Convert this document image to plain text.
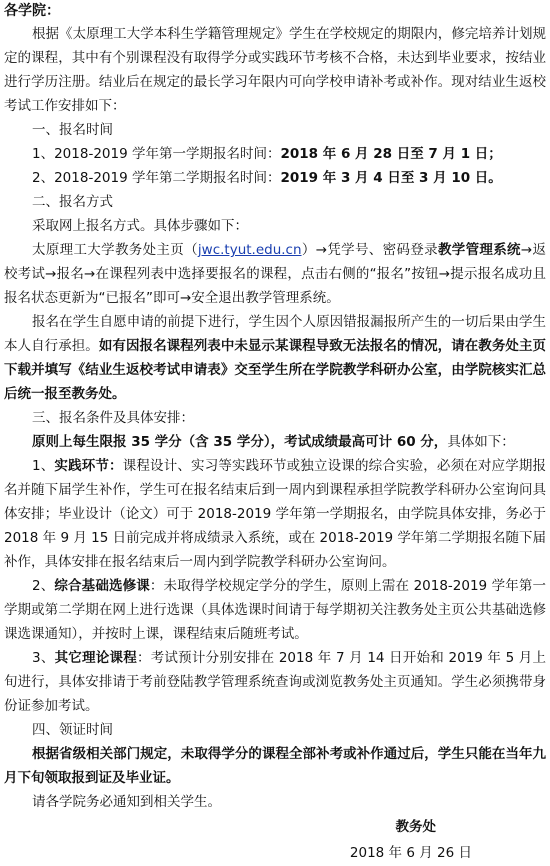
各学院：

根据《太原理工大学本科生学籍管理规定》学生在学校规定的期限内，修完培养计划规定的课程，其中有个别课程没有取得学分或实践环节考核不合格，未达到毕业要求，按结业进行学历注册。结业后在规定的最长学习年限内可向学校申请补考或补作。现对结业生返校考试工作安排如下：

一、报名时间

1、2018-2019 学年第一学期报名时间：2018 年 6 月 28 日至 7 月 1 日；

2、2018-2019 学年第二学期报名时间：2019 年 3 月 4 日至 3 月 10 日。

二、报名方式

采取网上报名方式。具体步骤如下：

太原理工大学教务处主页（jwc.tyut.edu.cn）→凭学号、密码登录教学管理系统→返校考试→报名→在课程列表中选择要报名的课程，点击右侧的“报名”按钮→提示报名成功且报名状态更新为“已报名”即可→安全退出教学管理系统。

报名在学生自愿申请的前提下进行，学生因个人原因错报漏报所产生的一切后果由学生本人自行承担。如有因报名课程列表中未显示某课程导致无法报名的情况，请在教务处主页下载并填写《结业生返校考试申请表》交至学生所在学院教学科研办公室，由学院核实汇总后统一报至教务处。

三、报名条件及具体安排：

原则上每生限报 35 学分（含 35 学分），考试成绩最高可计 60 分，具体如下：

1、实践环节：课程设计、实习等实践环节或独立设课的综合实验，必须在对应学期报名并随下届学生补作，学生可在报名结束后到一周内到课程承担学院教学科研办公室询问具体安排；毕业设计（论文）可于 2018-2019 学年第一学期报名，由学院具体安排，务必于 2018 年 9 月 15 日前完成并将成绩录入系统，或在 2018-2019 学年第二学期报名随下届补作，具体安排在报名结束后一周内到学院教学科研办公室询问。

2、综合基础选修课：未取得学校规定学分的学生，原则上需在 2018-2019 学年第一学期或第二学期在网上进行选课（具体选课时间请于每学期初关注教务处主页公共基础选修课选课通知），并按时上课，课程结束后随班考试。

3、其它理论课程：考试预计分别安排在 2018 年 7 月 14 日开始和 2019 年 5 月上旬进行，具体安排请于考前登陆教学管理系统查询或浏览教务处主页通知。学生必须携带身份证参加考试。

四、领证时间

根据省级相关部门规定，未取得学分的课程全部补考或补作通过后，学生只能在当年九月下旬领取报到证及毕业证。

请各学院务必通知到相关学生。

教务处
2018 年 6 月 26 日
